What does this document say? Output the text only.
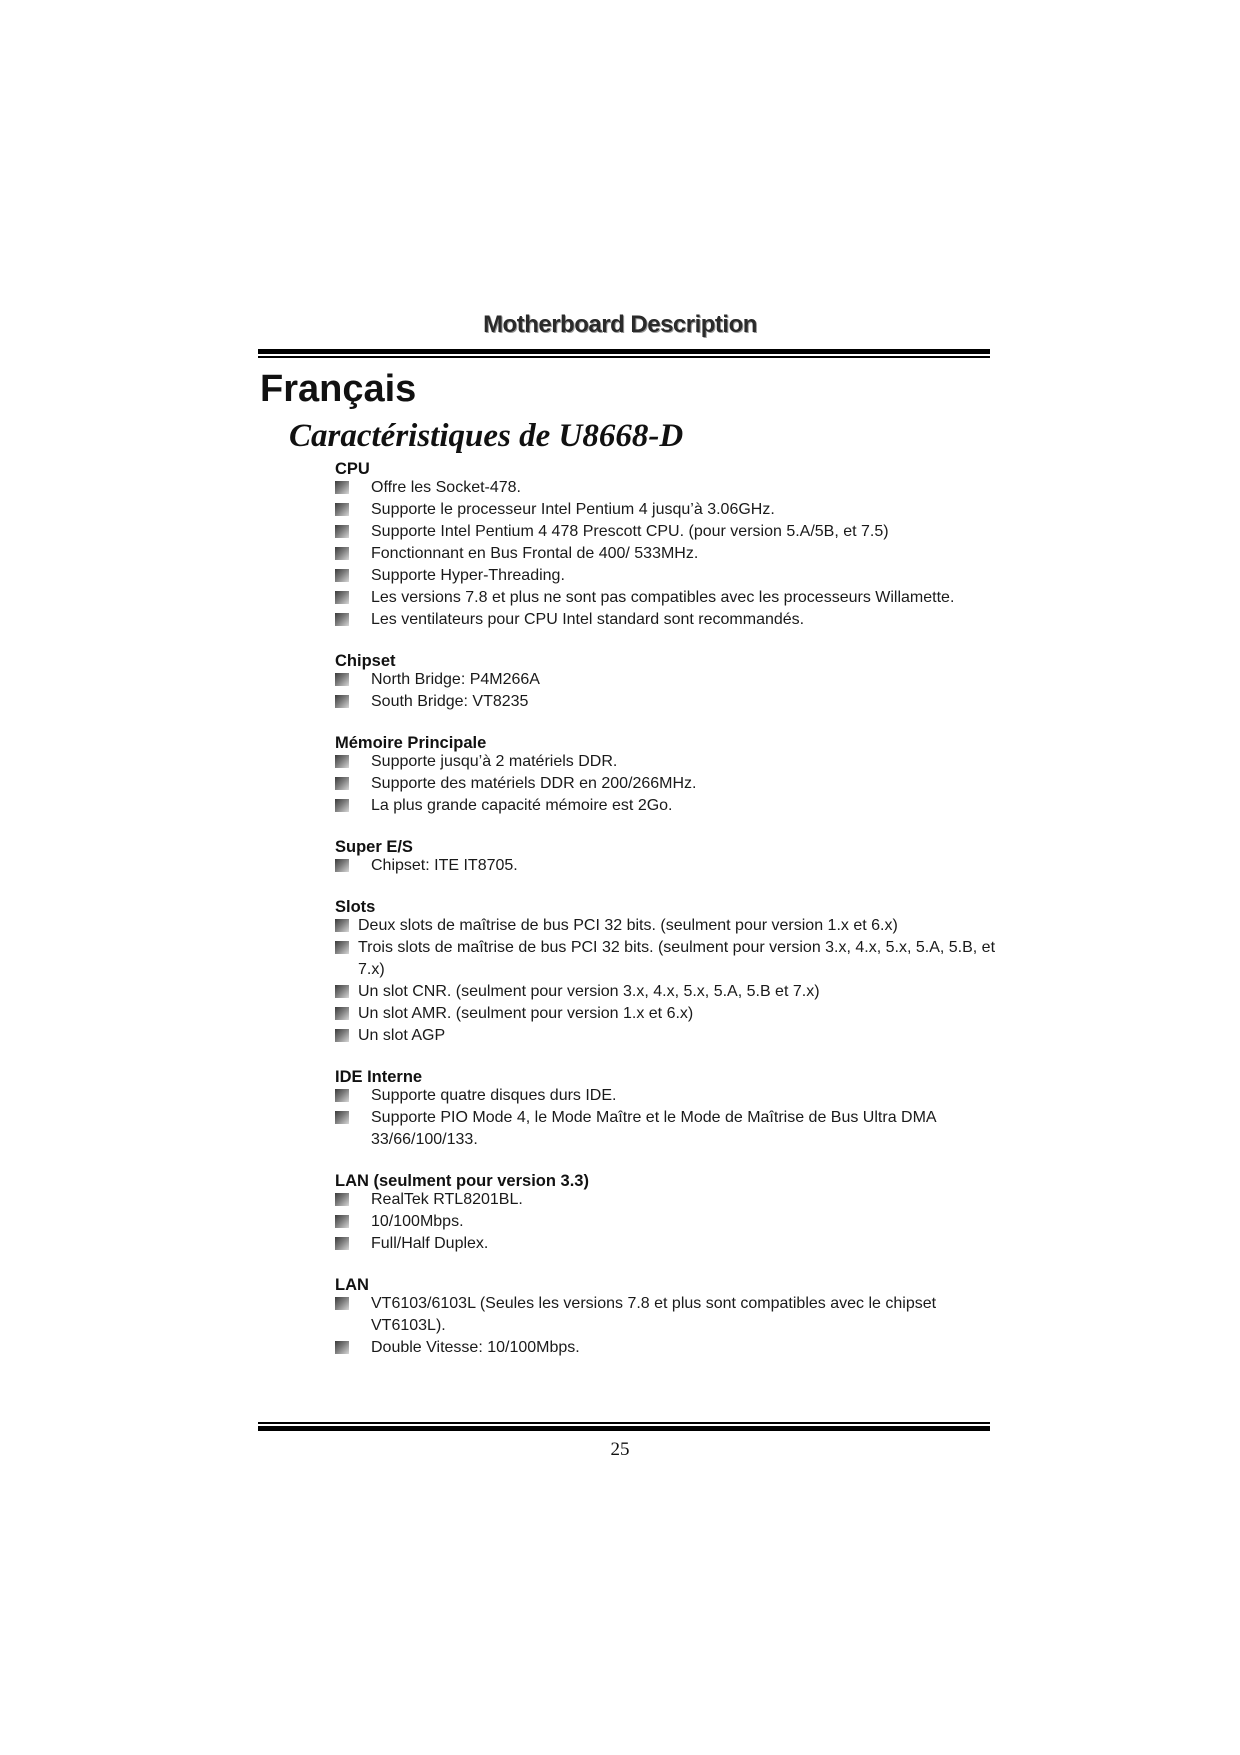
Motherboard Description
Français
Caractéristiques de U8668-D
CPU
Offre les Socket-478.
Supporte le processeur Intel Pentium 4 jusqu’à 3.06GHz.
Supporte Intel Pentium 4 478 Prescott CPU. (pour version 5.A/5B, et 7.5)
Fonctionnant en Bus Frontal de 400/ 533MHz.
Supporte Hyper-Threading.
Les versions 7.8 et plus ne sont pas compatibles avec les processeurs Willamette.
Les ventilateurs pour CPU Intel standard sont recommandés.
Chipset
North Bridge: P4M266A
South Bridge: VT8235
Mémoire Principale
Supporte jusqu’à 2 matériels DDR.
Supporte des matériels DDR en 200/266MHz.
La plus grande capacité mémoire est 2Go.
Super E/S
Chipset: ITE IT8705.
Slots
Deux slots de maîtrise de bus PCI 32 bits. (seulment pour version 1.x et 6.x)
Trois slots de maîtrise de bus PCI 32 bits. (seulment pour version 3.x, 4.x, 5.x, 5.A, 5.B, et 7.x)
Un slot CNR. (seulment pour version 3.x, 4.x, 5.x, 5.A, 5.B et 7.x)
Un slot AMR. (seulment pour version 1.x et 6.x)
Un slot AGP
IDE Interne
Supporte quatre disques durs IDE.
Supporte PIO Mode 4, le Mode Maître et le Mode de Maîtrise de Bus Ultra DMA 33/66/100/133.
LAN (seulment pour version 3.3)
RealTek RTL8201BL.
10/100Mbps.
Full/Half Duplex.
LAN
VT6103/6103L (Seules les versions 7.8 et plus sont compatibles avec le chipset VT6103L).
Double Vitesse: 10/100Mbps.
25
